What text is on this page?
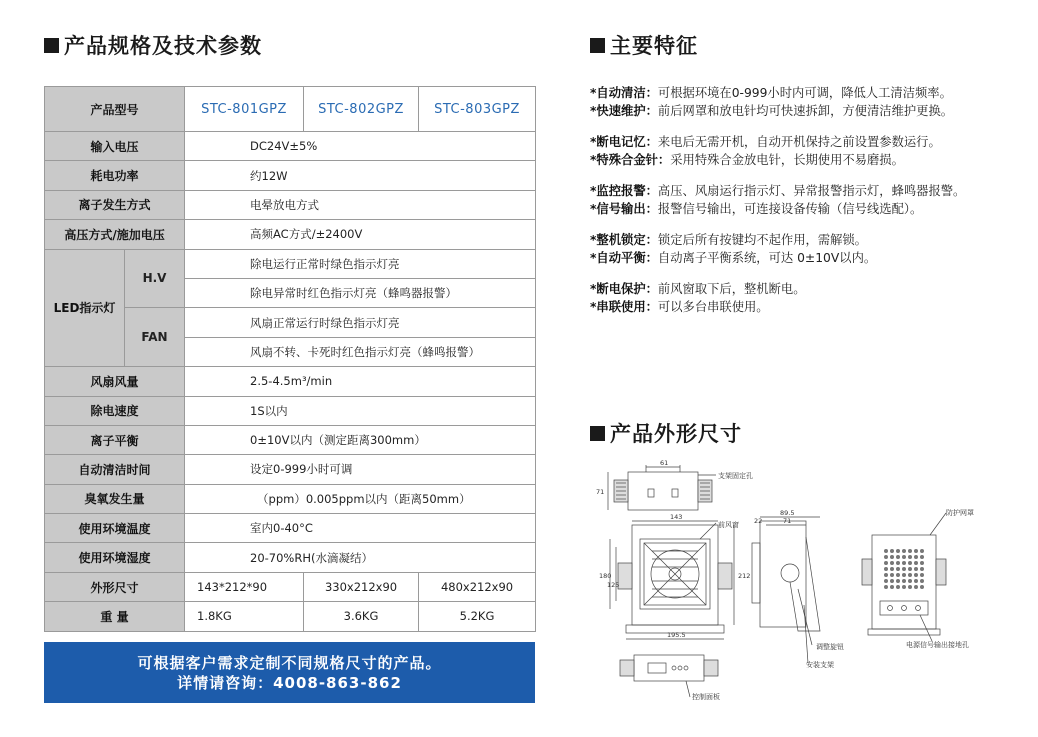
产品规格及技术参数	主要特征
产品外形尺寸
产品型号		STC-801GPZ	STC-802GPZ	STC-803GPZ
输入电压		DC24V±5%		
耗电功率		约12W		
离子发生方式		电晕放电方式		
高压方式/施加电压		高频AC方式/±2400V		
LED指示灯	H.V	除电运行正常时绿色指示灯亮		
		除电异常时红色指示灯亮（蜂鸣器报警）		
	FAN	风扇正常运行时绿色指示灯亮		
		风扇不转、卡死时红色指示灯亮（蜂鸣报警）		
风扇风量		2.5-4.5m³/min		
除电速度		1S以内		
离子平衡		0±10V以内（测定距离300mm）		
自动清洁时间		设定0-999小时可调		
臭氧发生量		（ppm）0.005ppm以内（距离50mm）		
使用环境温度		室内0-40°C		
使用环境湿度		20-70%RH(水滴凝结）		
外形尺寸		143*212*90	330x212x90	480x212x90
重 量		1.8KG	3.6KG	5.2KG
可根据客户需求定制不同规格尺寸的产品。
详情请咨询：4008-863-862
*自动清洁：可根据环境在0-999小时内可调，降低人工清洁频率。
*快速维护：前后网罩和放电针均可快速拆卸，方便清洁维护更换。
*断电记忆：来电后无需开机，自动开机保持之前设置参数运行。
*特殊合金针：采用特殊合金放电针，长期使用不易磨损。
*监控报警：高压、风扇运行指示灯、异常报警指示灯，蜂鸣器报警。
*信号输出：报警信号输出，可连接设备传输（信号线选配）。
*整机锁定：锁定后所有按键均不起作用，需解锁。
*自动平衡：自动离子平衡系统，可达 0±10V以内。
*断电保护：前风窗取下后，整机断电。
*串联使用：可以多台串联使用。
61
71
支架固定孔
143
212
180
125
195.5
前风窗
89.5
22	71
调整旋钮
安装支架
防护网罩
电源信号输出接地孔
控制面板
